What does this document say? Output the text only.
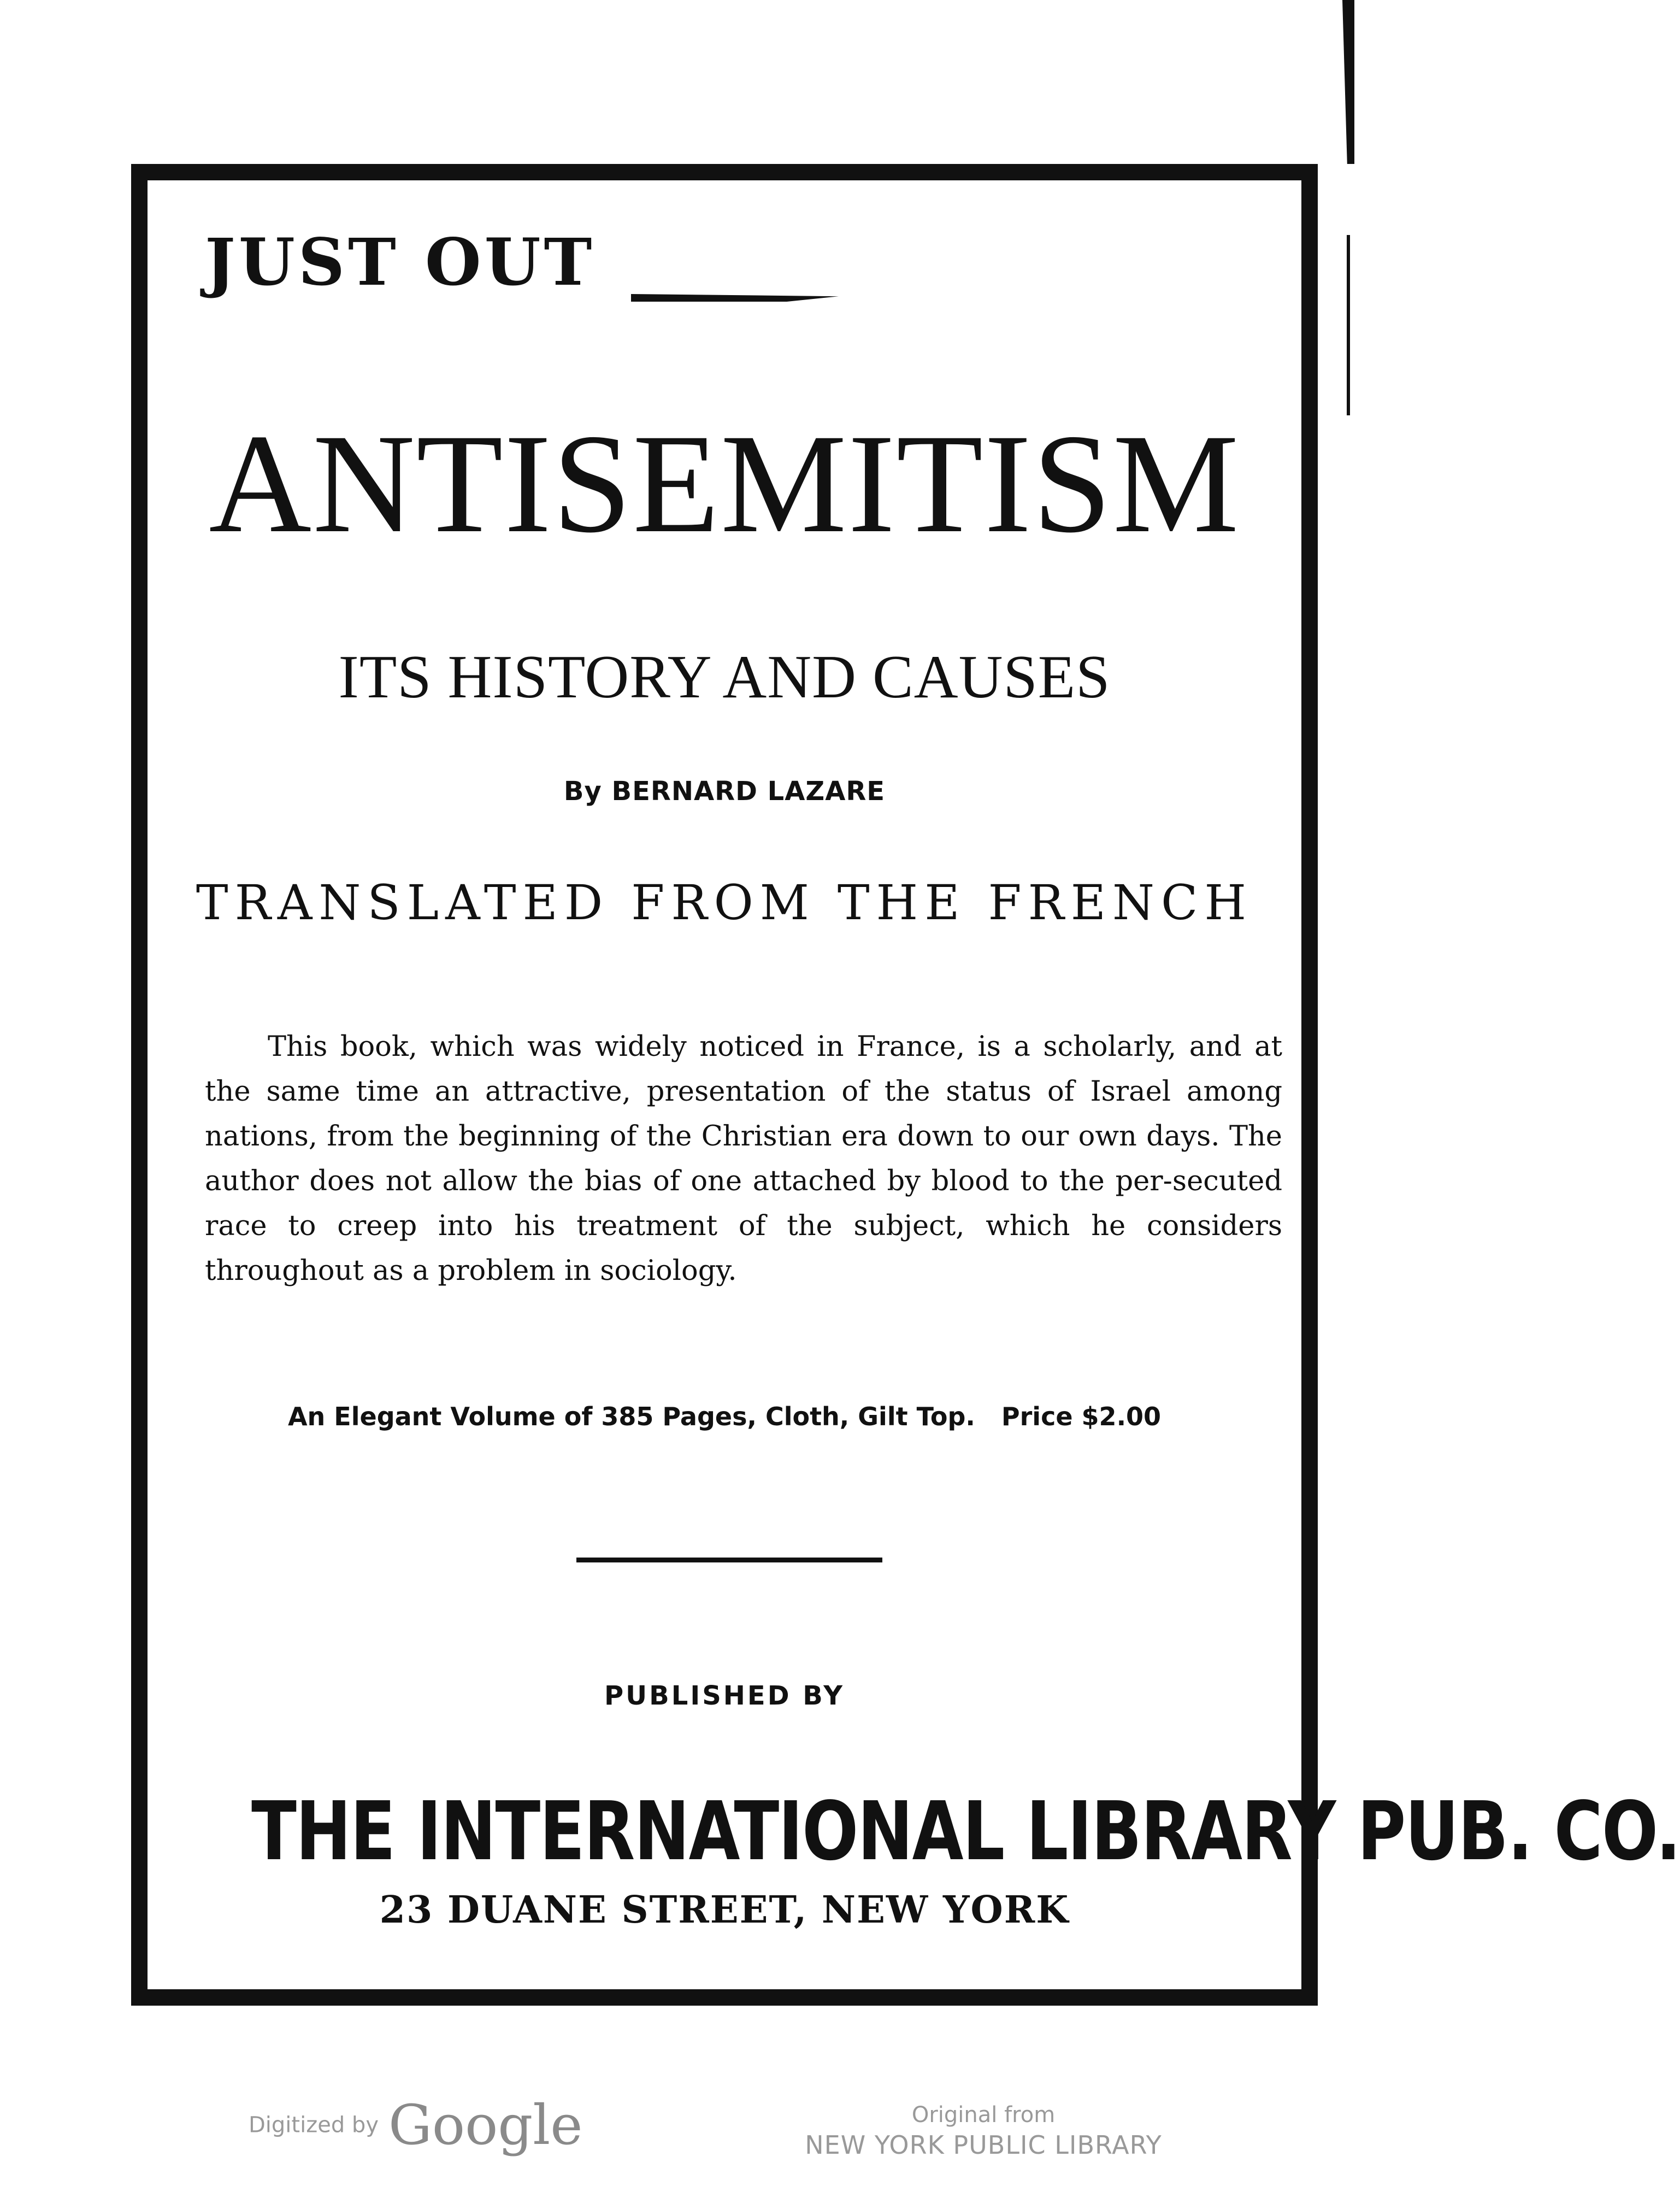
JUST OUT
ANTISEMITISM
ITS HISTORY AND CAUSES
By BERNARD LAZARE
TRANSLATED FROM THE FRENCH

This book, which was widely noticed in France, is a scholarly, and at the same time an attractive, presentation of the status of Israel among nations, from the beginning of the Christian era down to our own days. The author does not allow the bias of one attached by blood to the per-secuted race to creep into his treatment of the subject, which he considers throughout as a problem in sociology.

An Elegant Volume of 385 Pages, Cloth, Gilt Top.   Price $2.00
PUBLISHED BY
THE INTERNATIONAL LIBRARY PUB. CO.
23 DUANE STREET, NEW YORK
Digitized by Google	Original from
NEW YORK PUBLIC LIBRARY
